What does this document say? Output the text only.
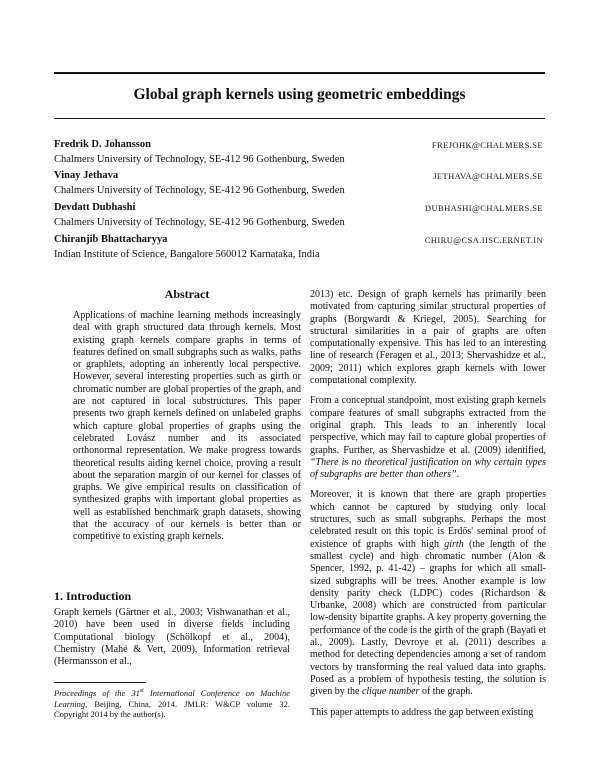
Global graph kernels using geometric embeddings
Fredrik D. Johansson	FREJOHK@CHALMERS.SE
Chalmers University of Technology, SE-412 96 Gothenburg, Sweden
Vinay Jethava	JETHAVA@CHALMERS.SE
Chalmers University of Technology, SE-412 96 Gothenburg, Sweden
Devdatt Dubhashi	DUBHASHI@CHALMERS.SE
Chalmers University of Technology, SE-412 96 Gothenburg, Sweden
Chiranjib Bhattacharyya	CHIRU@CSA.IISC.ERNET.IN
Indian Institute of Science, Bangalore 560012 Karnataka, India
Abstract

Applications of machine learning methods increasingly deal with graph structured data through kernels. Most existing graph kernels compare graphs in terms of features defined on small subgraphs such as walks, paths or graphlets, adopting an inherently local perspective. However, several interesting properties such as girth or chromatic number are global properties of the graph, and are not captured in local substructures. This paper presents two graph kernels defined on unlabeled graphs which capture global properties of graphs using the celebrated Lovász number and its associated orthonormal representation. We make progress towards theoretical results aiding kernel choice, proving a result about the separation margin of our kernel for classes of graphs. We give empirical results on classification of synthesized graphs with important global properties as well as established benchmark graph datasets, showing that the accuracy of our kernels is better than or competitive to existing graph kernels.

1. Introduction

Graph kernels (Gärtner et al., 2003; Vishwanathan et al., 2010) have been used in diverse fields including Computational biology (Schölkopf et al., 2004), Chemistry (Mahé & Vert, 2009), Information retrieval (Hermansson et al.,

Proceedings of the 31st International Conference on Machine Learning, Beijing, China, 2014. JMLR: W&CP volume 32. Copyright 2014 by the author(s).

2013) etc. Design of graph kernels has primarily been motivated from capturing similar structural properties of graphs (Borgwardt & Kriegel, 2005). Searching for structural similarities in a pair of graphs are often computationally expensive. This has led to an interesting line of research (Feragen et al., 2013; Shervashidze et al., 2009; 2011) which explores graph kernels with lower computational complexity.

From a conceptual standpoint, most existing graph kernels compare features of small subgraphs extracted from the original graph. This leads to an inherently local perspective, which may fail to capture global properties of graphs. Further, as Shervashidze et al. (2009) identified, “There is no theoretical justification on why certain types of subgraphs are better than others”.

Moreover, it is known that there are graph properties which cannot be captured by studying only local structures, such as small subgraphs. Perhaps the most celebrated result on this topic is Erdős' seminal proof of existence of graphs with high girth (the length of the smallest cycle) and high chromatic number (Alon & Spencer, 1992, p. 41-42) – graphs for which all small-sized subgraphs will be trees. Another example is low density parity check (LDPC) codes (Richardson & Urbanke, 2008) which are constructed from particular low-density bipartite graphs. A key property governing the performance of the code is the girth of the graph (Bayati et al., 2009). Lastly, Devroye et al. (2011) describes a method for detecting dependencies among a set of random vectors by transforming the real valued data into graphs. Posed as a problem of hypothesis testing, the solution is given by the clique number of the graph.

This paper attempts to address the gap between existing
